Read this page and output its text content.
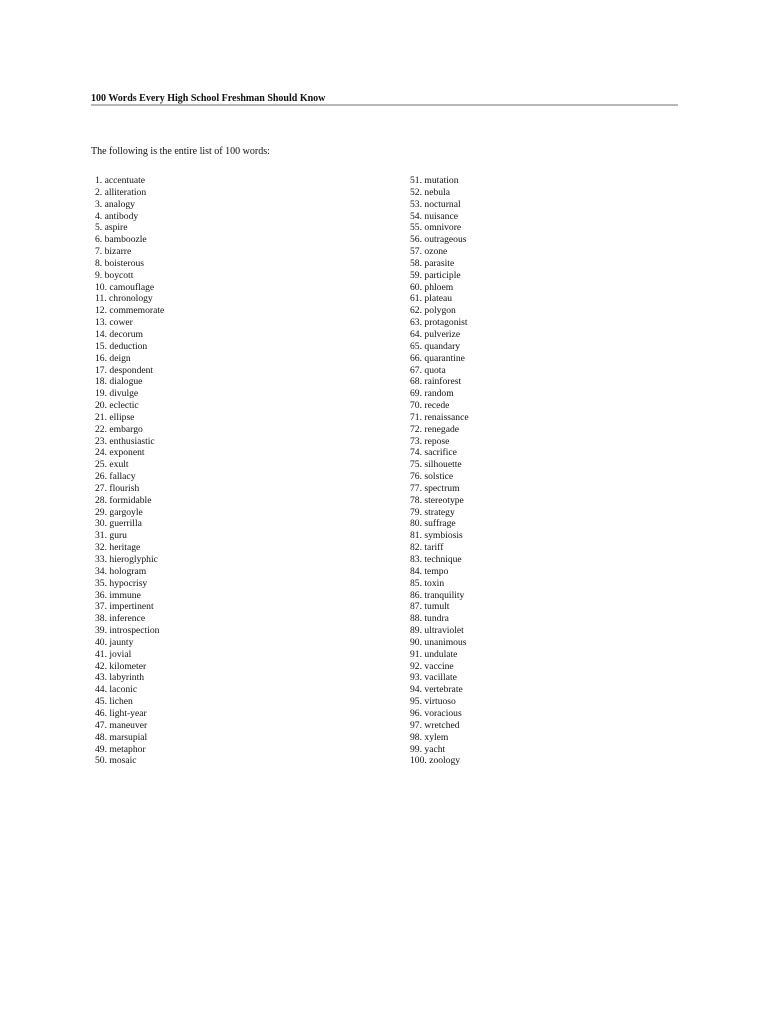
100 Words Every High School Freshman Should Know
The following is the entire list of 100 words:
1. accentuate
2. alliteration
3. analogy
4. antibody
5. aspire
6. bamboozle
7. bizarre
8. boisterous
9. boycott
10. camouflage
11. chronology
12. commemorate
13. cower
14. decorum
15. deduction
16. deign
17. despondent
18. dialogue
19. divulge
20. eclectic
21. ellipse
22. embargo
23. enthusiastic
24. exponent
25. exult
26. fallacy
27. flourish
28. formidable
29. gargoyle
30. guerrilla
31. guru
32. heritage
33. hieroglyphic
34. hologram
35. hypocrisy
36. immune
37. impertinent
38. inference
39. introspection
40. jaunty
41. jovial
42. kilometer
43. labyrinth
44. laconic
45. lichen
46. light-year
47. maneuver
48. marsupial
49. metaphor
50. mosaic
51. mutation
52. nebula
53. nocturnal
54. nuisance
55. omnivore
56. outrageous
57. ozone
58. parasite
59. participle
60. phloem
61. plateau
62. polygon
63. protagonist
64. pulverize
65. quandary
66. quarantine
67. quota
68. rainforest
69. random
70. recede
71. renaissance
72. renegade
73. repose
74. sacrifice
75. silhouette
76. solstice
77. spectrum
78. stereotype
79. strategy
80. suffrage
81. symbiosis
82. tariff
83. technique
84. tempo
85. toxin
86. tranquility
87. tumult
88. tundra
89. ultraviolet
90. unanimous
91. undulate
92. vaccine
93. vacillate
94. vertebrate
95. virtuoso
96. voracious
97. wretched
98. xylem
99. yacht
100. zoology
